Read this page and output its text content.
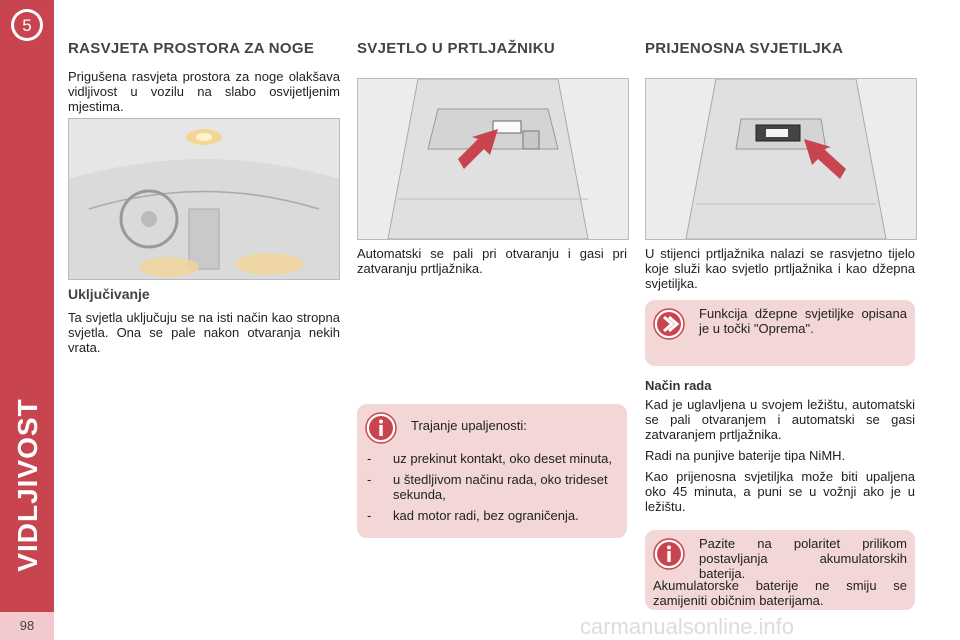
5
VIDLJIVOST
98
RASVJETA PROSTORA ZA NOGE

Prigušena rasvjeta prostora za noge olakšava vidljivost u vozilu na slabo osvijetljenim mjestima.

Uključivanje

Ta svjetla uključuju se na isti način kao stropna svjetla. Ona se pale nakon otvaranja nekih vrata.

SVJETLO U PRTLJAŽNIKU

Automatski se pali pri otvaranju i gasi pri zatvaranju prtljažnika.

Trajanje upaljenosti:

- uz prekinut kontakt, oko deset minuta,
- u štedljivom načinu rada, oko trideset sekunda,
- kad motor radi, bez ograničenja.
PRIJENOSNA SVJETILJKA

U stijenci prtljažnika nalazi se rasvjetno tijelo koje služi kao svjetlo prtljažnika i kao džepna svjetiljka.

Funkcija džepne svjetiljke opisana je u točki "Oprema".

Način rada

Kad je uglavljena u svojem ležištu, automatski se pali otvaranjem i automatski se gasi zatvaranjem prtljažnika.

Radi na punjive baterije tipa NiMH.

Kao prijenosna svjetiljka može biti upaljena oko 45 minuta, a puni se u vožnji ako je u ležištu.

Pazite na polaritet prilikom postavljanja akumulatorskih baterija.

Akumulatorske baterije ne smiju se zamijeniti običnim baterijama.

carmanualsonline.info
